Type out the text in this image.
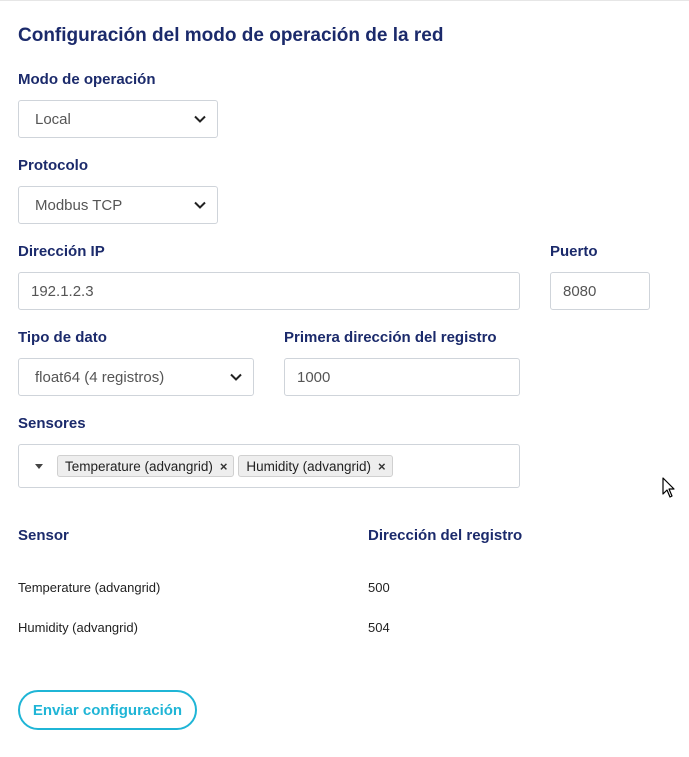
Configuración del modo de operación de la red
Modo de operación
Local
Protocolo
Modbus TCP
Dirección IP
192.1.2.3
Puerto
8080
Tipo de dato
float64 (4 registros)
Primera dirección del registro
1000
Sensores
Temperature (advangrid) × Humidity (advangrid) ×
Sensor	Dirección del registro
Temperature (advangrid)	500
Humidity (advangrid)	504
Enviar configuración
